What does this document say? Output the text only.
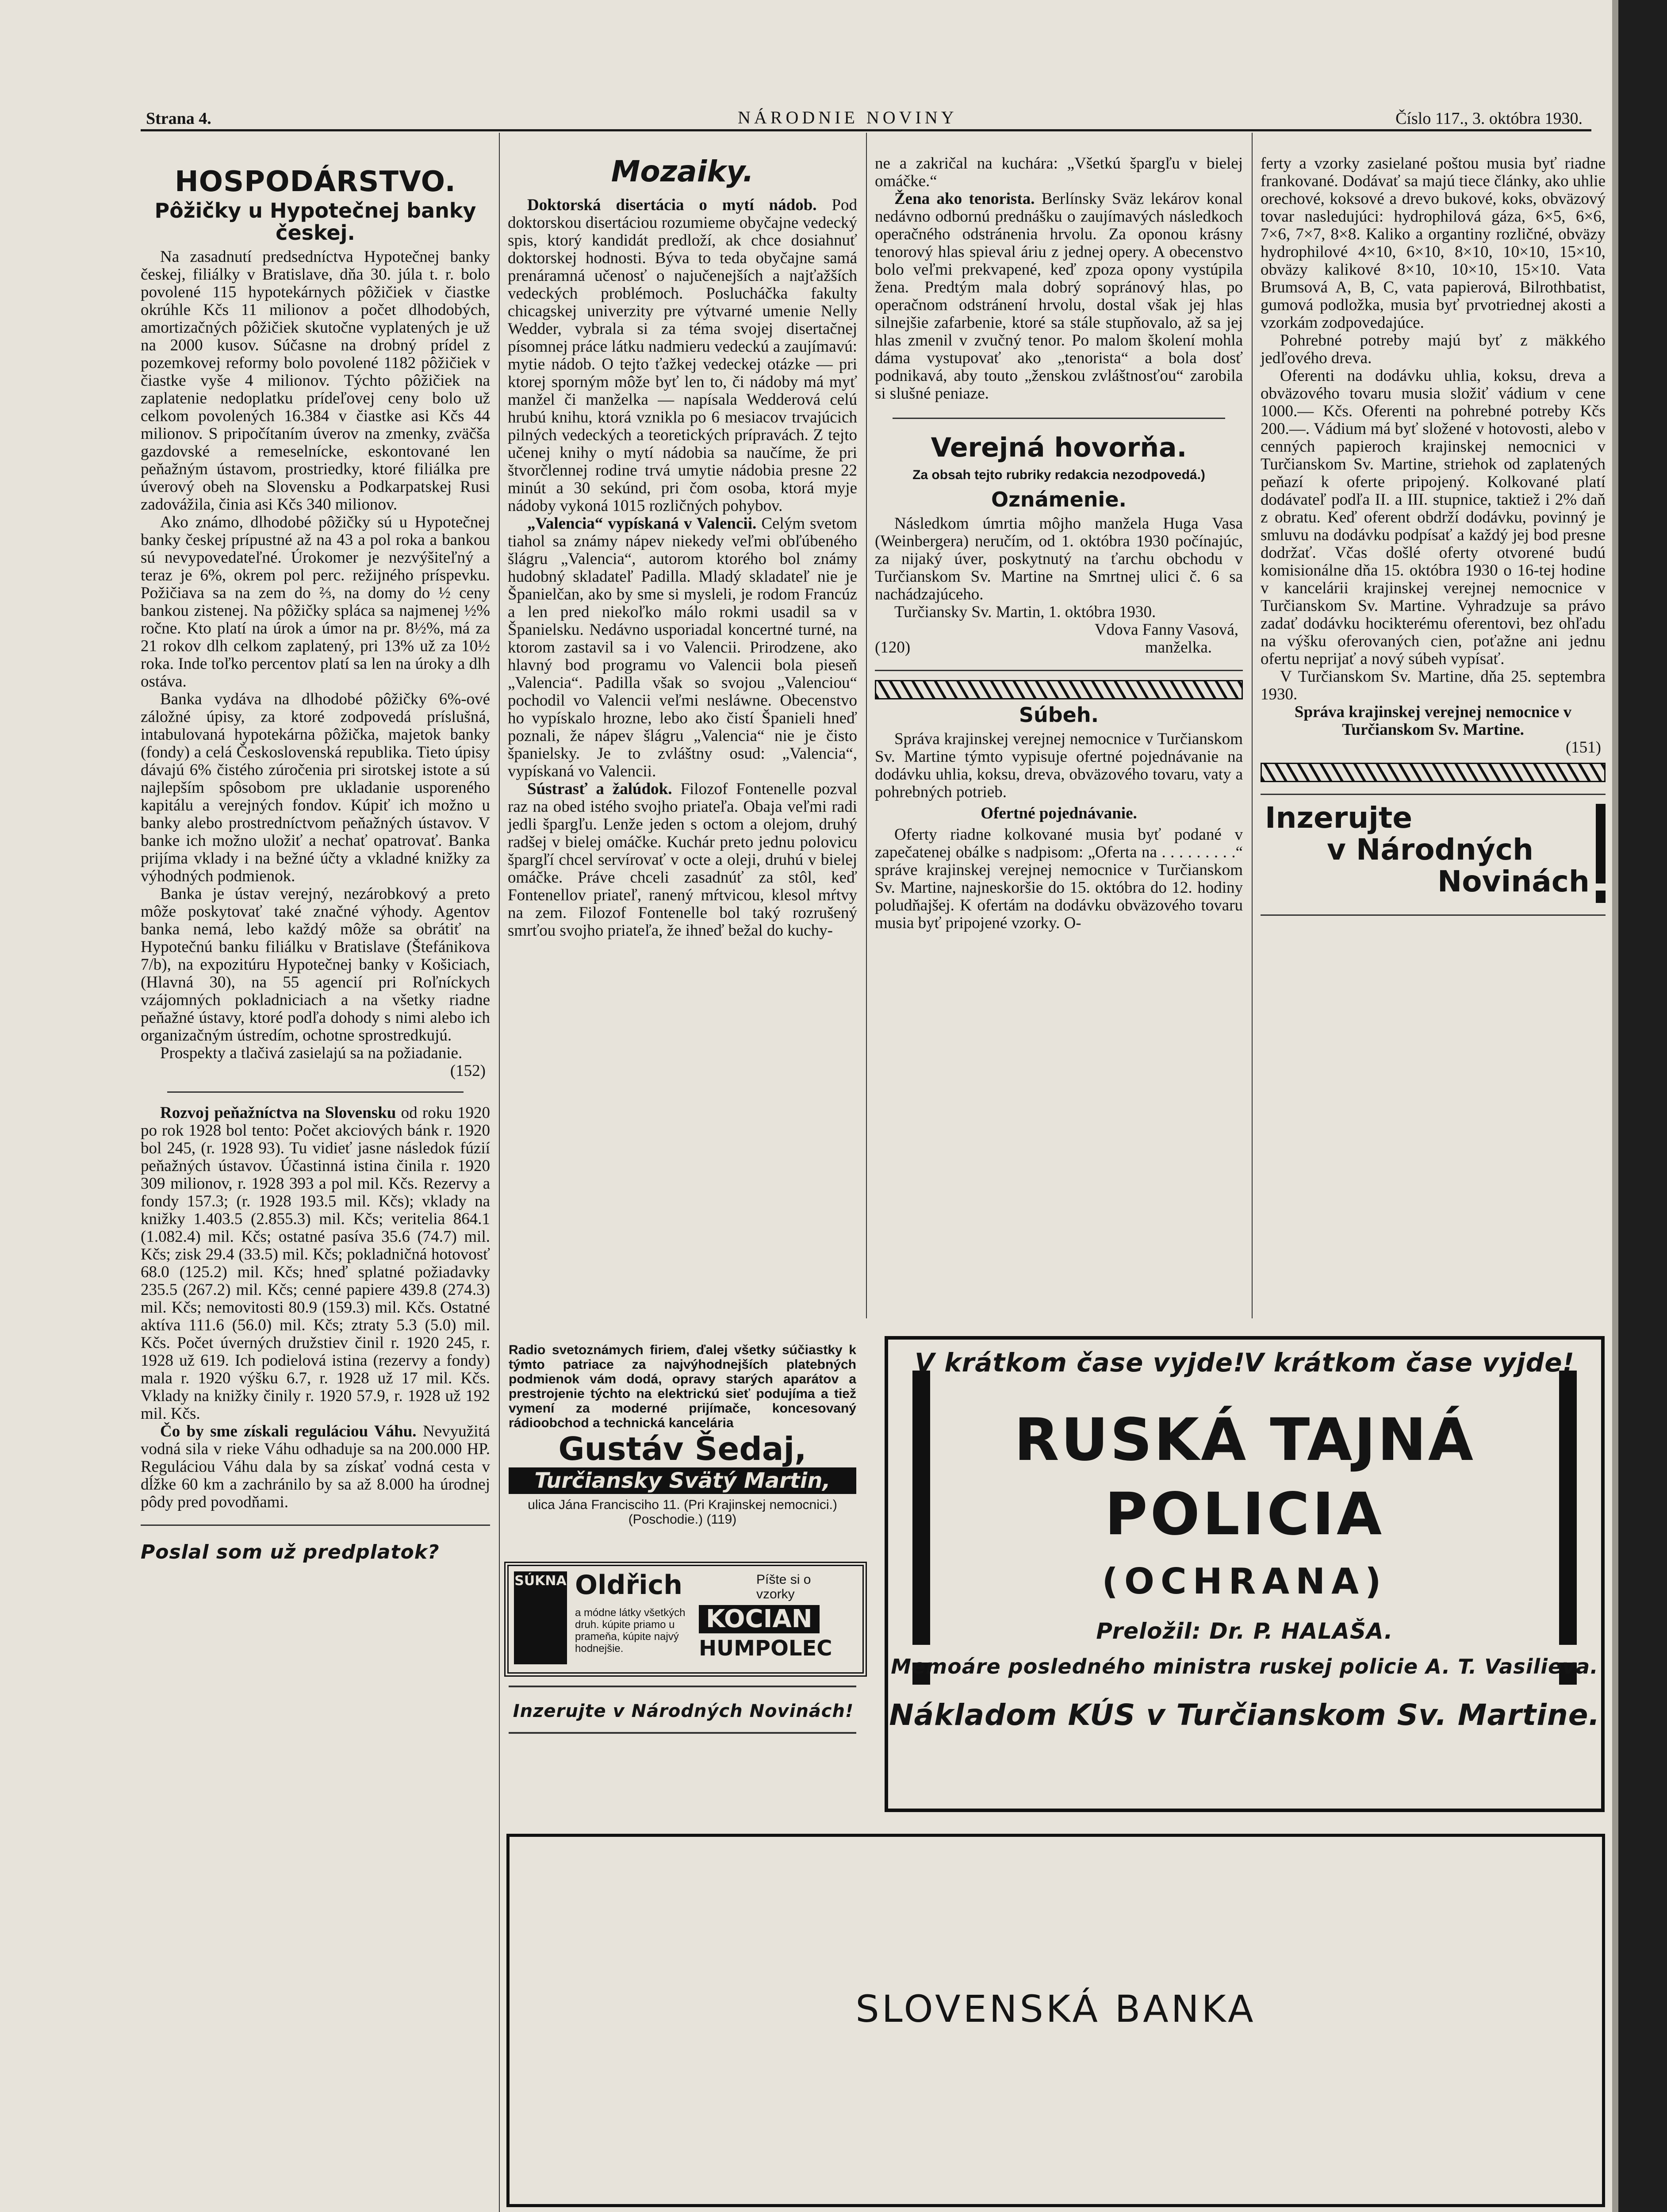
Strana 4.	NÁRODNIE NOVINY	Číslo 117., 3. októbra 1930.
HOSPODÁRSTVO.
Pôžičky u Hypotečnej banky českej.

Na zasadnutí predsedníctva Hypotečnej banky českej, filiálky v Bratislave, dňa 30. júla t. r. bolo povolené 115 hypotekárnych pôžičiek v čiastke okrúhle Kčs 11 milionov a počet dlhodobých, amortizačných pôžičiek skutočne vyplatených je už na 2000 kusov. Súčasne na drobný prídel z pozemkovej reformy bolo povolené 1182 pôžičiek v čiastke vyše 4 milionov. Týchto pôžičiek na zaplatenie nedoplatku prídeľovej ceny bolo už celkom povolených 16.384 v čiastke asi Kčs 44 milionov. S pripočítaním úverov na zmenky, zväčša gazdovské a remeselnícke, eskontované len peňažným ústavom, prostriedky, ktoré filiálka pre úverový obeh na Slovensku a Podkarpatskej Rusi zadovážila, činia asi Kčs 340 milionov.

Ako známo, dlhodobé pôžičky sú u Hypotečnej banky českej prípustné až na 43 a pol roka a bankou sú nevypovedateľné. Úrokomer je nezvýšiteľný a teraz je 6%, okrem pol perc. režijného príspevku. Požičiava sa na zem do ⅔, na domy do ½ ceny bankou zistenej. Na pôžičky splácа sa najmenej ½% ročne. Kto platí na úrok a úmor na pr. 8½%, má za 21 rokov dlh celkom zaplatený, pri 13% už za 10½ roka. Inde toľko percentov platí sa len na úroky a dlh ostáva.

Banka vydáva na dlhodobé pôžičky 6%-ové záložné úpisy, za ktoré zodpovedá príslušná, intabulovaná hypotekárna pôžička, majetok banky (fondy) a celá Československá republika. Tieto úpisy dávajú 6% čistého zúročenia pri sirotskej istote a sú najlepším spôsobom pre ukladanie usporeného kapitálu a verejných fondov. Kúpiť ich možno u banky alebo prostredníctvom peňažných ústavov. V banke ich možno uložiť a nechať opatrovať. Banka prijíma vklady i na bežné účty a vkladné knižky za výhodných podmienok.

Banka je ústav verejný, nezárobkový a preto môže poskytovať také značné výhody. Agentov banka nemá, lebo každý môže sa obrátiť na Hypotečnú banku filiálku v Bratislave (Štefánikova 7/b), na expozitúru Hypotečnej banky v Košiciach, (Hlavná 30), na 55 agencií pri Roľníckych vzájomných pokladniciach a na všetky riadne peňažné ústavy, ktoré podľa dohody s nimi alebo ich organizačným ústredím, ochotne sprostredkujú.

Prospekty a tlačivá zasielajú sa na požiadanie.

(152)

Rozvoj peňažníctva na Slovensku od roku 1920 po rok 1928 bol tento: Počet akciových bánk r. 1920 bol 245, (r. 1928 93). Tu vidieť jasne následok fúzií peňažných ústavov. Účastinná istina činila r. 1920 309 milionov, r. 1928 393 a pol mil. Kčs. Rezervy a fondy 157.3; (r. 1928 193.5 mil. Kčs); vklady na knižky 1.403.5 (2.855.3) mil. Kčs; veritelia 864.1 (1.082.4) mil. Kčs; ostatné pasíva 35.6 (74.7) mil. Kčs; zisk 29.4 (33.5) mil. Kčs; pokladničná hotovosť 68.0 (125.2) mil. Kčs; hneď splatné požiadavky 235.5 (267.2) mil. Kčs; cenné papiere 439.8 (274.3) mil. Kčs; nemovitosti 80.9 (159.3) mil. Kčs. Ostatné aktíva 111.6 (56.0) mil. Kčs; ztraty 5.3 (5.0) mil. Kčs. Počet úverných družstiev činil r. 1920 245, r. 1928 už 619. Ich podielová istina (rezervy a fondy) mala r. 1920 výšku 6.7, r. 1928 už 17 mil. Kčs. Vklady na knižky činily r. 1920 57.9, r. 1928 už 192 mil. Kčs.

Čo by sme získali reguláciou Váhu. Nevyužitá vodná sila v rieke Váhu odhaduje sa na 200.000 HP. Reguláciou Váhu dala by sa získať vodná cesta v dĺžke 60 km a zachránilo by sa až 8.000 ha úrodnej pôdy pred povodňami.

Poslal som už predplatok?

Mozaiky.

Doktorská disertácia o mytí nádob. Pod doktorskou disertáciou rozumieme obyčajne vedecký spis, ktorý kandidát predloží, ak chce dosiahnuť doktorskej hodnosti. Býva to teda obyčajne samá prenáramná učenosť o najučenejších a najťažších vedeckých problémoch. Poslucháčka fakulty chicagskej univerzity pre výtvarné umenie Nelly Wedder, vybrala si za téma svojej disertačnej písomnej práce látku nadmieru vedeckú a zaujímavú: mytie nádob. O tejto ťažkej vedeckej otázke — pri ktorej sporným môže byť len to, či nádoby má myť manžel či manželka — napísala Wedderová celú hrubú knihu, ktorá vznikla po 6 mesiacov trvajúcich pilných vedeckých a teoretických prípravách. Z tejto učenej knihy o mytí nádobia sa naučíme, že pri štvorčlennej rodine trvá umytie nádobia presne 22 minút a 30 sekúnd, pri čom osoba, ktorá myje nádoby vykoná 1015 rozličných pohybov.

„Valencia“ vypískaná v Valencii. Celým svetom tiahol sa známy nápev niekedy veľmi obľúbeného šlágru „Valencia“, autorom ktorého bol známy hudobný skladateľ Padilla. Mladý skladateľ nie je Španielčan, ako by sme si mysleli, je rodom Francúz a len pred niekoľko málo rokmi usadil sa v Španielsku. Nedávno usporiadal koncertné turné, na ktorom zastavil sa i vo Valencii. Prirodzene, ako hlavný bod programu vo Valencii bola piesеň „Valencia“. Padilla však so svojou „Valenciou“ pochodil vo Valencii veľmi nesláwne. Obecenstvo ho vypískalo hrozne, lebo ako čistí Španieli hneď poznali, že nápev šlágru „Valencia“ nie je čisto španielsky. Je to zvláštny osud: „Valencia“, vypískaná vo Valencii.

Sústrasť a žalúdok. Filozof Fontenelle pozval raz na obed istého svojho priateľa. Obaja veľmi radi jedli špargľu. Lenže jeden s octom a olejom, druhý radšej v bielej omáčke. Kuchár preto jednu polovicu špargľí chcel servírovať v octe a oleji, druhú v bielej omáčke. Práve chceli zasadnúť za stôl, keď Fontenellov priateľ, ranený mŕtvicou, klesol mŕtvy na zem. Filozof Fontenelle bol taký rozrušený smrťou svojho priateľa, že ihneď bežal do kuchy-

Radio svetoznámych firiem, ďalej všetky súčiastky k týmto patriace za najvýhodnejších platebných podmienok vám dodá, opravy starých aparátov a prestrojenie týchto na elektrickú sieť podujíma a tiež vymení za moderné prijímače, koncesovaný rádioobchod a technická kancelária
Gustáv Šedaj,
Turčiansky Svätý Martin,
ulica Jána Francisciho 11. (Pri Krajinskej nemocnici.) (Poschodie.) (119)
SÚKNA Oldřich	Píšte si o vzorky
a módne látky všetkých druh. kúpite priamo u pramеňa, kúpite najvý hodnejšie.
KOCIAN
HUMPOLEC
Inzerujte v Národných Novinách!

ne a zakričal na kuchára: „Všetkú špargľu v bielej omáčke.“

Žena ako tenorista. Berlínsky Sväz lekárov konal nedávno odbornú prednášku o zaujímavých následkoch operačného odstránenia hrvolu. Za oponou krásny tenorový hlas spieval áriu z jednej opery. A obecenstvo bolo veľmi prekvapené, keď zpoza opony vystúpila žena. Predtým mala dobrý sopránový hlas, po operačnom odstránení hrvolu, dostal však jej hlas silnejšie zafarbenie, ktoré sa stále stupňovalo, až sa jej hlas zmenil v zvučný tenor. Po malom školení mohla dáma vystupovať ako „tenorista“ a bola dosť podnikavá, aby touto „ženskou zvláštnosťou“ zarobila si slušné peniaze.

Verejná hovorňa.

Za obsah tejto rubriky redakcia nezodpovedá.)

Oznámenie.

Následkom úmrtia môjho manžela Huga Vasa (Weinbergera) neručím, od 1. októbra 1930 počínajúc, za nijaký úver, poskytnutý na ťarchu obchodu v Turčianskom Sv. Martine na Smrtnej ulici č. 6 sa nachádzajúceho.

Turčiansky Sv. Martin, 1. októbra 1930.

Vdova Fanny Vasová,

(120)	manželka.
Súbeh.

Správa krajinskej verejnej nemocnice v Turčianskom Sv. Martine týmto vypisuje ofertné pojednávanie na dodávku uhlia, koksu, dreva, obväzového tovaru, vaty a pohrebných potrieb.

Ofertné pojednávanie.

Oferty riadne kolkované musia byť podané v zapečatenej obálke s nadpisom: „Oferta na . . . . . . . . .“ správe krajinskej verejnej nemocnice v Turčianskom Sv. Martine, najneskoršie do 15. októbra do 12. hodiny poludňajšej. K ofertám na dodávku obväzového tovaru musia byť pripojené vzorky. O-

ferty a vzorky zasielané poštou musia byť riadne frankované. Dodávať sa majú tiece články, ako uhlie orechové, koksové a drevo bukové, koks, obväzový tovar nasledujúci: hydrophilová gáza, 6×5, 6×6, 7×6, 7×7, 8×8. Kaliko a organtiny rozličné, obväzy hydrophilové 4×10, 6×10, 8×10, 10×10, 15×10, obväzy kalikové 8×10, 10×10, 15×10. Vata Brumsová A, B, C, vata papierová, Bilrothbatist, gumová podložka, musia byť prvotriednej akosti a vzorkám zodpovedajúce.

Pohrebné potreby majú byť z mäkkého jedľového dreva.

Oferenti na dodávku uhlia, koksu, dreva a obväzového tovaru musia složiť vádium v cene 1000.— Kčs. Oferenti na pohrebné potreby Kčs 200.—. Vádium má byť složené v hotovosti, alebo v cenných papieroch krajinskej nemocnici v Turčianskom Sv. Martine, striehok od zaplatených peňazí k oferte pripojený. Kolkované platí dodávateľ podľa II. a III. stupnice, taktiež i 2% daň z obratu. Keď oferent obdrží dodávku, povinný je smluvu na dodávku podpísať a každý jej bod presne dodržať. Včas došlé oferty otvorené budú komisionálne dňa 15. októbra 1930 o 16-tej hodine v kancelárii krajinskej verejnej nemocnice v Turčianskom Sv. Martine. Vyhradzuje sa právo zadať dodávku hocikterému oferentovi, bez ohľadu na výšku oferovaných cien, poťažne ani jednu ofertu neprijať a nový súbeh vypísať.

V Turčianskom Sv. Martine, dňa 25. septembra 1930.

Správa krajinskej verejnej nemocnice v Turčianskom Sv. Martine.

(151)

Inzerujte
v Národných
Novinách
V krátkom čase vyjde!
V krátkom čase vyjde!
RUSKÁ TAJNÁ
POLICIA
(OCHRANA)
Preložil: Dr. P. HALAŠA.
Memoáre posledného ministra ruskej policie A. T. Vasilieva.
Nákladom KÚS v Turčianskom Sv. Martine.
SLOVENSKÁ BANKA
